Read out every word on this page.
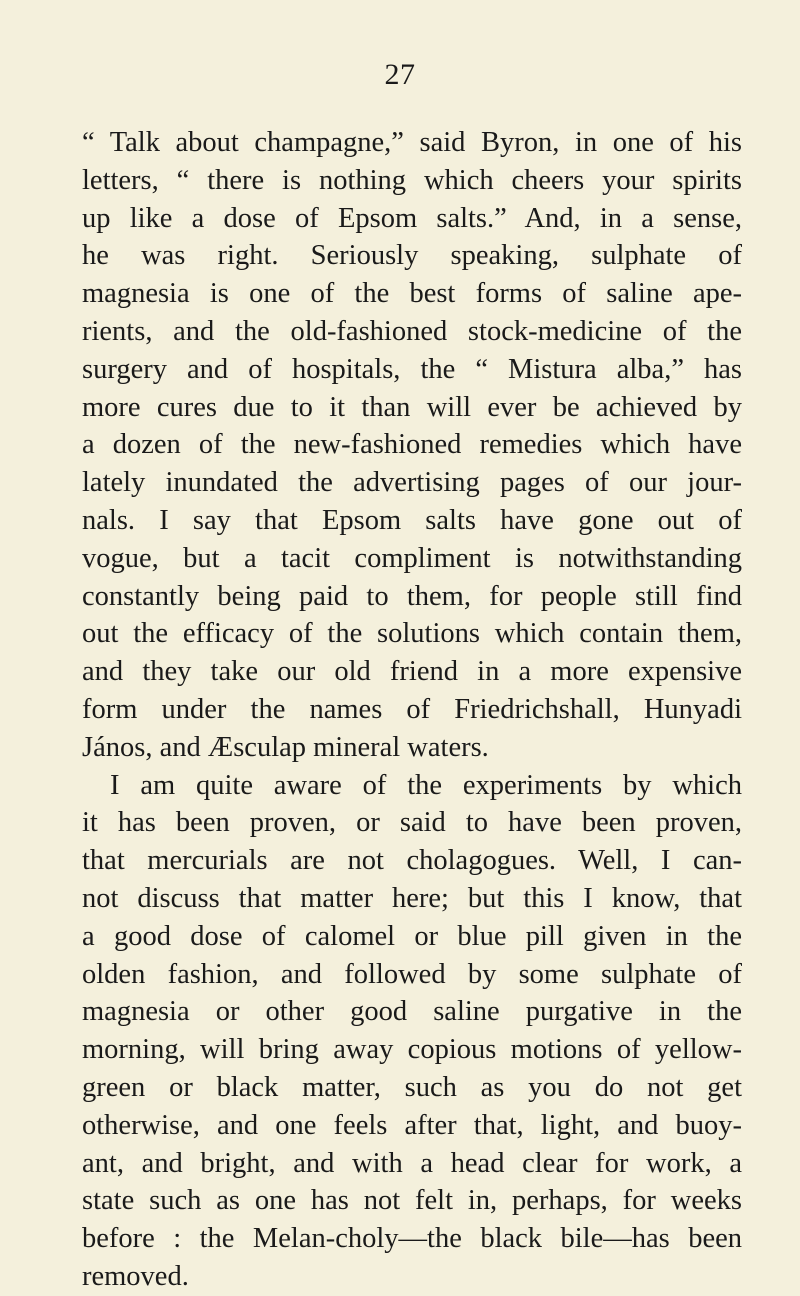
27
“ Talk about champagne,” said Byron, in one of his
letters, “ there is nothing which cheers your spirits
up like a dose of Epsom salts.” And, in a sense,
he was right. Seriously speaking, sulphate of
magnesia is one of the best forms of saline ape-
rients, and the old-fashioned stock-medicine of the
surgery and of hospitals, the “ Mistura alba,” has
more cures due to it than will ever be achieved by
a dozen of the new-fashioned remedies which have
lately inundated the advertising pages of our jour-
nals. I say that Epsom salts have gone out of
vogue, but a tacit compliment is notwithstanding
constantly being paid to them, for people still find
out the efficacy of the solutions which contain them,
and they take our old friend in a more expensive
form under the names of Friedrichshall, Hunyadi
János, and Æsculap mineral waters.
I am quite aware of the experiments by which
it has been proven, or said to have been proven,
that mercurials are not cholagogues. Well, I can-
not discuss that matter here; but this I know, that
a good dose of calomel or blue pill given in the
olden fashion, and followed by some sulphate of
magnesia or other good saline purgative in the
morning, will bring away copious motions of yellow-
green or black matter, such as you do not get
otherwise, and one feels after that, light, and buoy-
ant, and bright, and with a head clear for work, a
state such as one has not felt in, perhaps, for weeks
before : the Melan-choly—the black bile—has been
removed.
